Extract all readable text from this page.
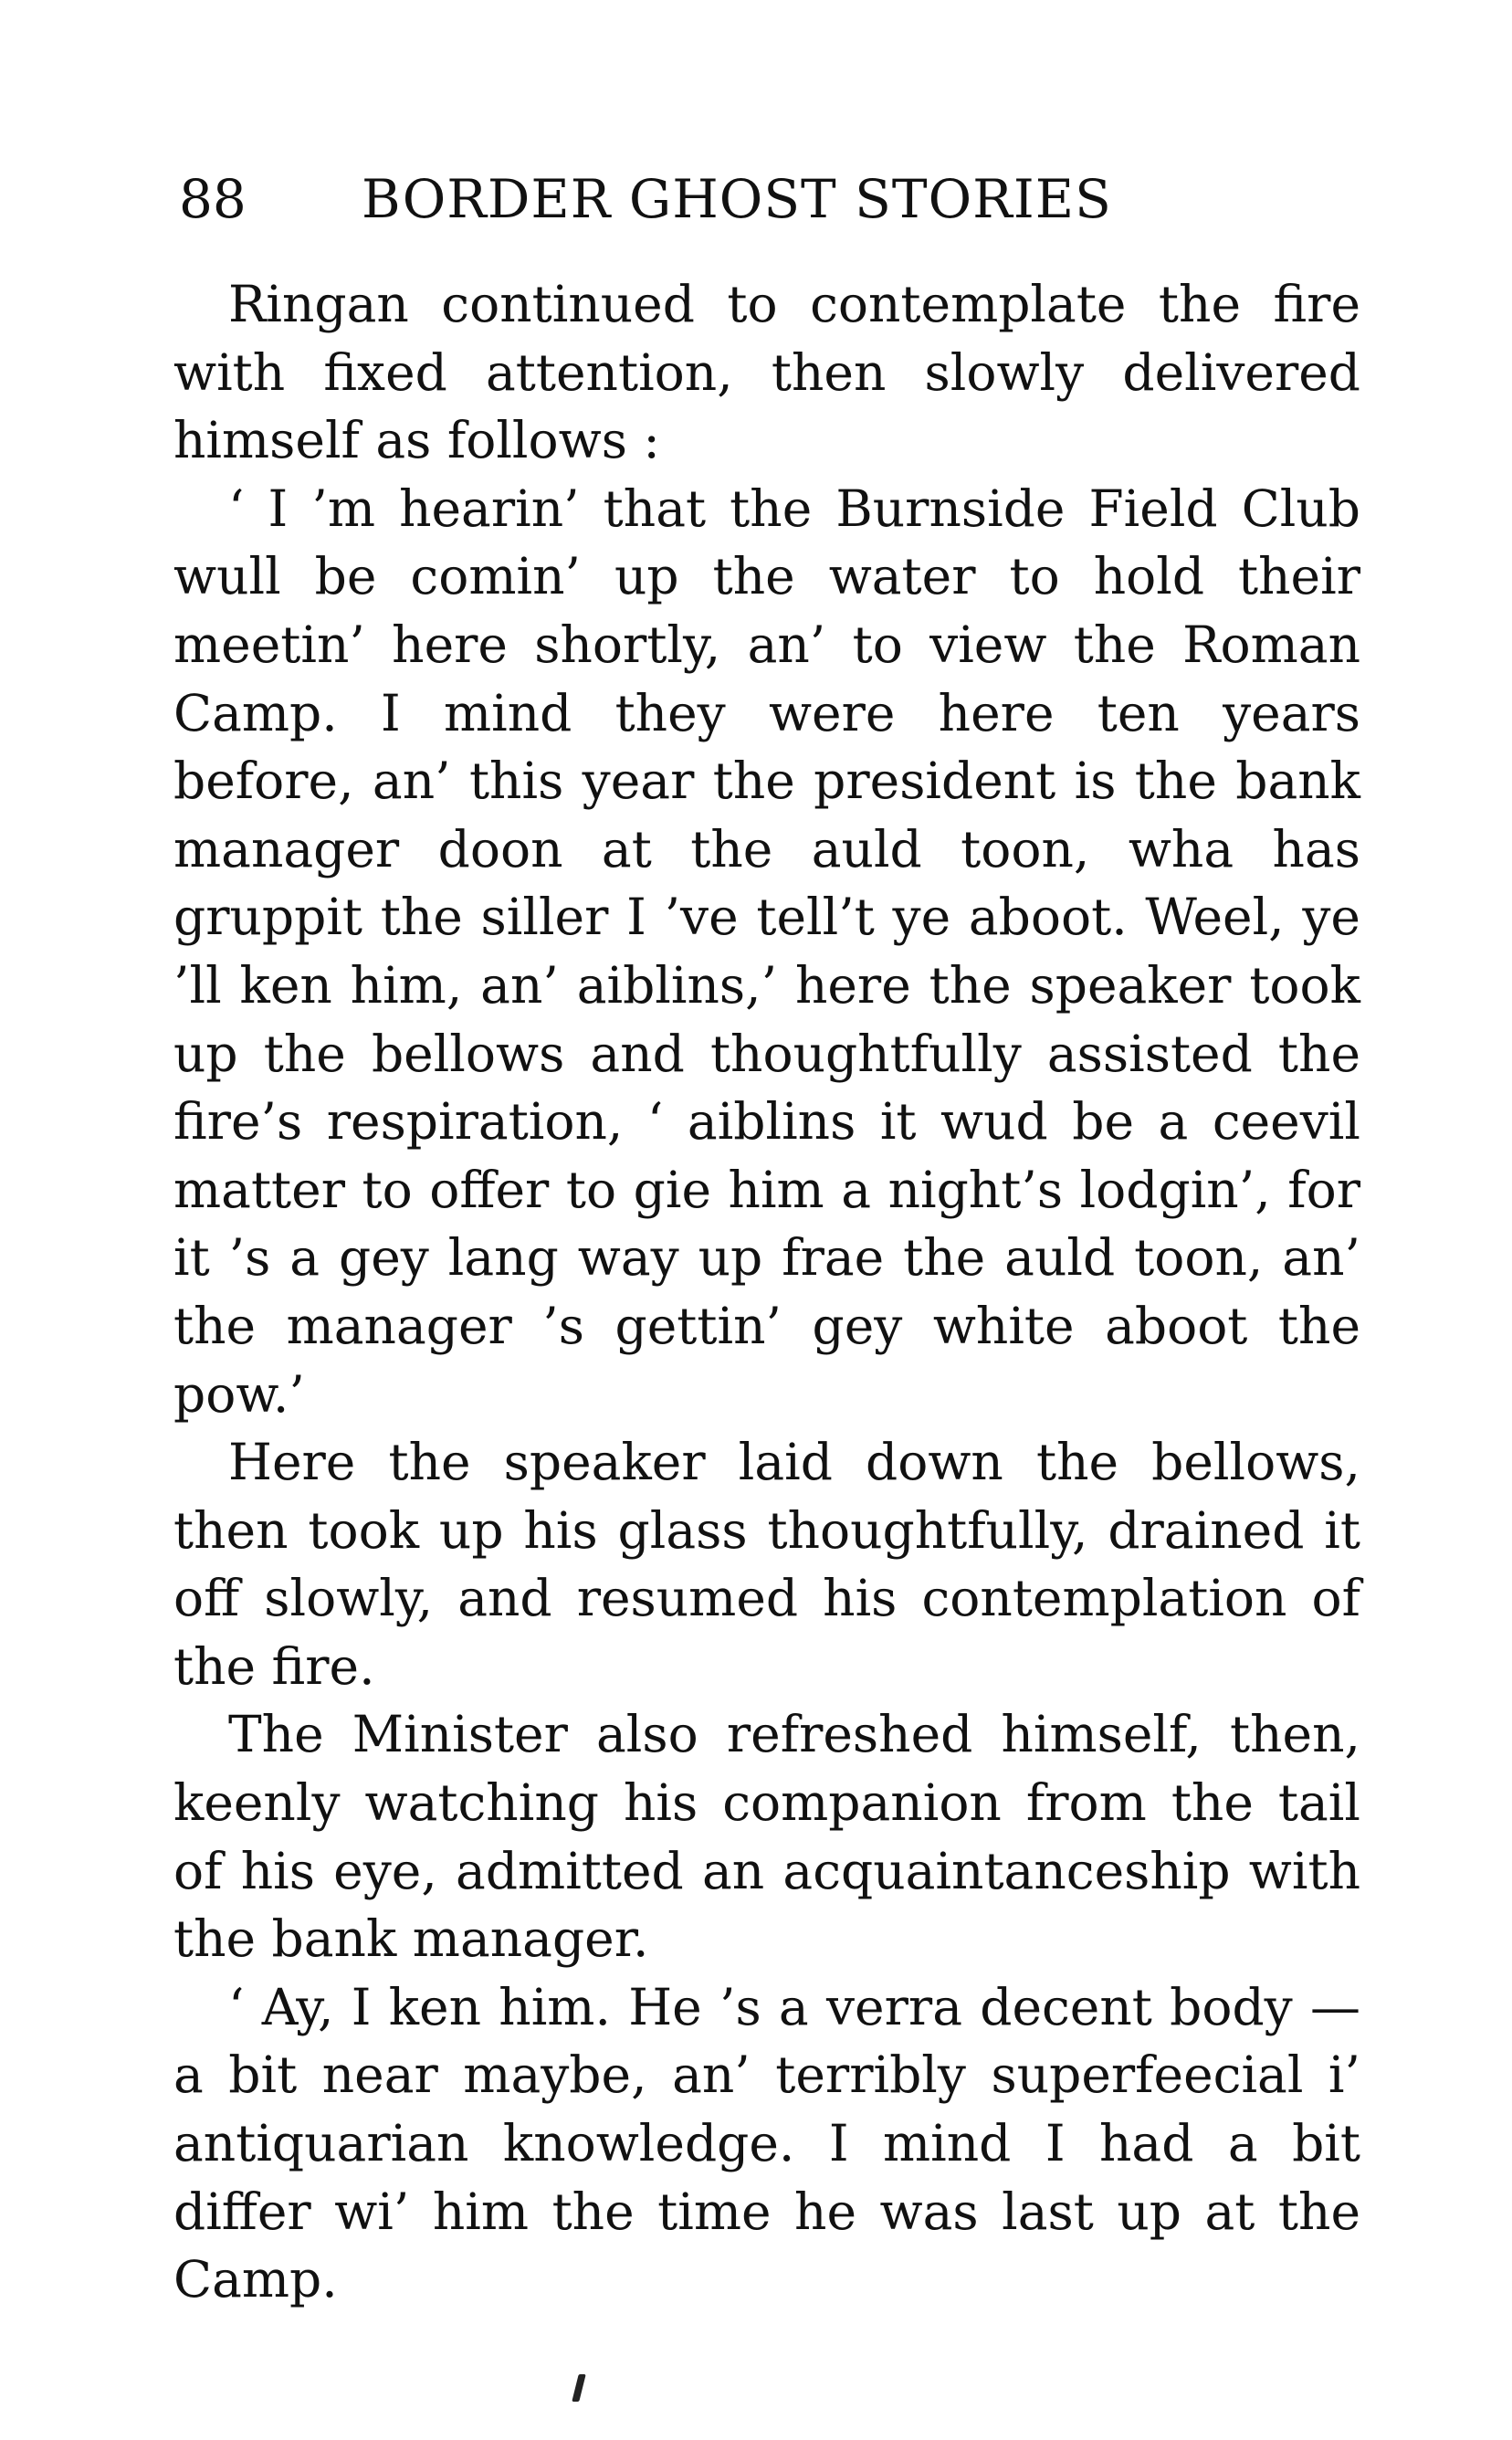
88 BORDER GHOST STORIES

Ringan continued to contemplate the fire with fixed attention, then slowly delivered himself as follows :

‘ I ’m hearin’ that the Burnside Field Club wull be comin’ up the water to hold their meetin’ here shortly, an’ to view the Roman Camp. I mind they were here ten years before, an’ this year the president is the bank manager doon at the auld toon, wha has gruppit the siller I ’ve tell’t ye aboot. Weel, ye ’ll ken him, an’ aiblins,’ here the speaker took up the bellows and thoughtfully assisted the fire’s respiration, ‘ aiblins it wud be a ceevil matter to offer to gie him a night’s lodgin’, for it ’s a gey lang way up frae the auld toon, an’ the manager ’s gettin’ gey white aboot the pow.’

Here the speaker laid down the bellows, then took up his glass thoughtfully, drained it off slowly, and resumed his contemplation of the fire.

The Minister also refreshed himself, then, keenly watching his companion from the tail of his eye, admitted an acquaintanceship with the bank manager.

‘ Ay, I ken him. He ’s a verra decent body —a bit near maybe, an’ terribly superfeecial i’ antiquarian knowledge. I mind I had a bit differ wi’ him the time he was last up at the Camp.
